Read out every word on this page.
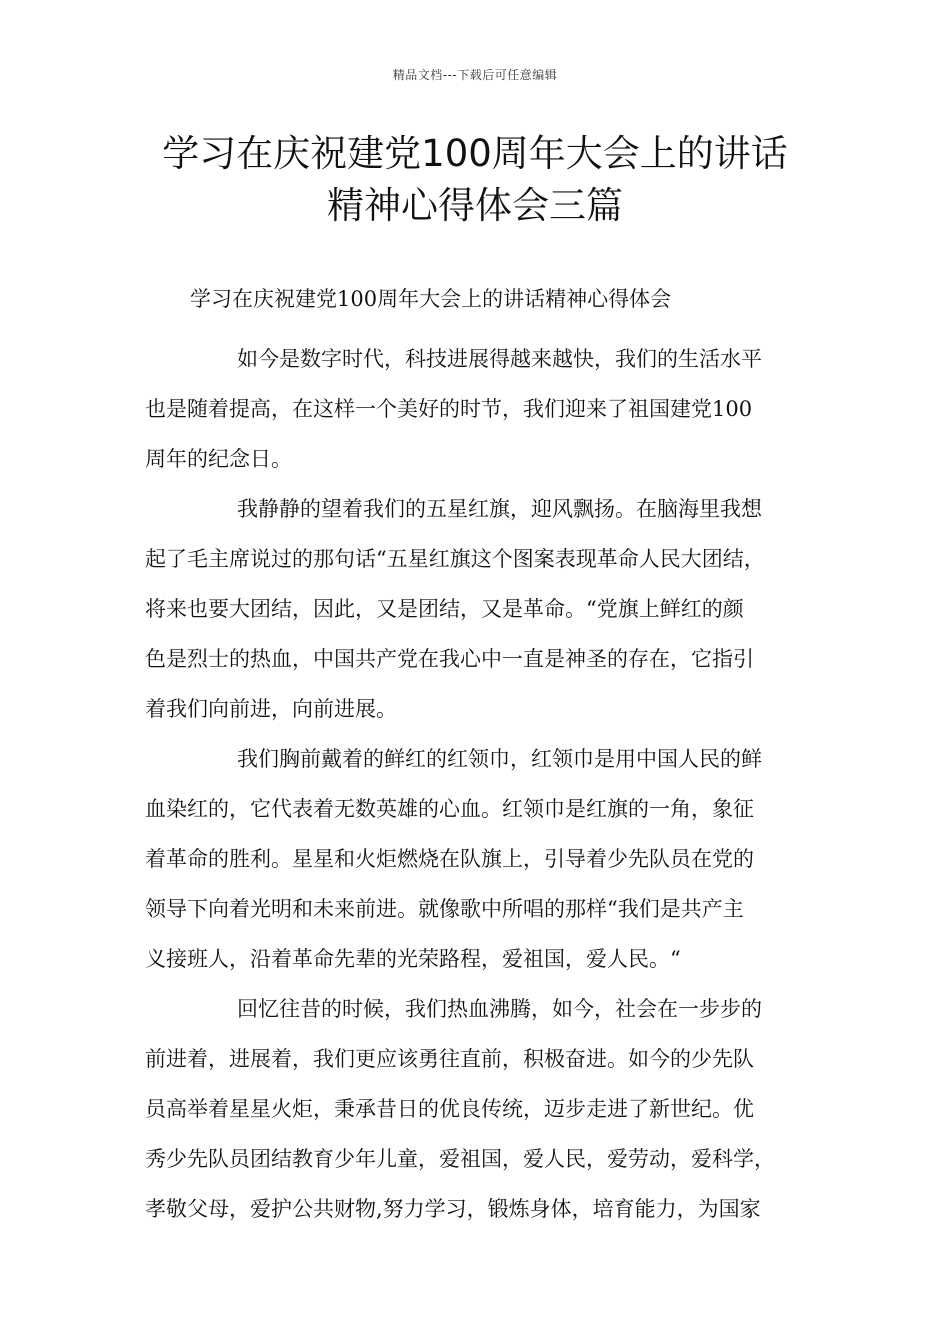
精品文档---下载后可任意编辑
学习在庆祝建党100周年大会上的讲话
精神心得体会三篇
学习在庆祝建党100周年大会上的讲话精神心得体会
如今是数字时代，科技进展得越来越快，我们的生活水平
也是随着提高，在这样一个美好的时节，我们迎来了祖国建党100
周年的纪念日。
我静静的望着我们的五星红旗，迎风飘扬。在脑海里我想
起了毛主席说过的那句话“五星红旗这个图案表现革命人民大团结，
将来也要大团结，因此，又是团结，又是革命。“党旗上鲜红的颜
色是烈士的热血，中国共产党在我心中一直是神圣的存在，它指引
着我们向前进，向前进展。
我们胸前戴着的鲜红的红领巾，红领巾是用中国人民的鲜
血染红的，它代表着无数英雄的心血。红领巾是红旗的一角，象征
着革命的胜利。星星和火炬燃烧在队旗上，引导着少先队员在党的
领导下向着光明和未来前进。就像歌中所唱的那样“我们是共产主
义接班人，沿着革命先辈的光荣路程，爱祖国，爱人民。“
回忆往昔的时候，我们热血沸腾，如今，社会在一步步的
前进着，进展着，我们更应该勇往直前，积极奋进。如今的少先队
员高举着星星火炬，秉承昔日的优良传统，迈步走进了新世纪。优
秀少先队员团结教育少年儿童，爱祖国，爱人民，爱劳动，爱科学，
孝敬父母，爱护公共财物,努力学习，锻炼身体，培育能力，为国家
